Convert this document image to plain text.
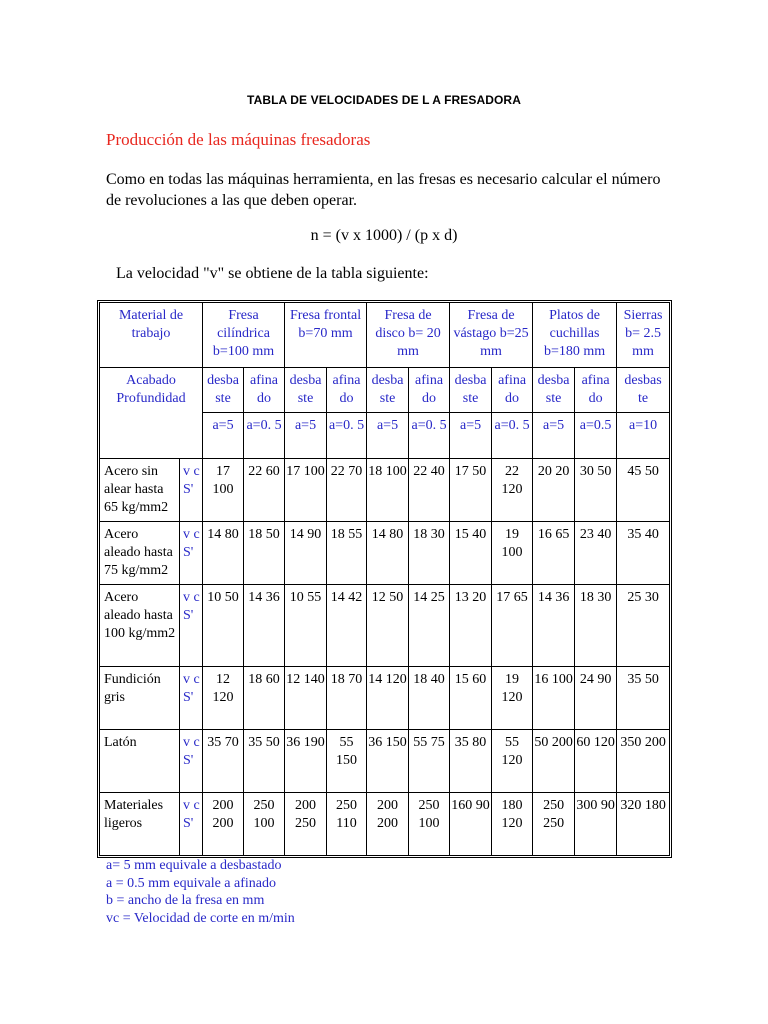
TABLA DE VELOCIDADES DE L A FRESADORA
Producción de las máquinas fresadoras
Como en todas las máquinas herramienta, en las fresas es necesario calcular el número de revoluciones a las que deben operar.
n = (v x 1000) / (p x d)
La velocidad "v" se obtiene de la tabla siguiente:
Material de trabajo		Fresa cilíndrica b=100 mm		Fresa frontal b=70 mm		Fresa de disco b= 20 mm		Fresa de vástago b=25 mm		Platos de cuchillas b=180 mm		Sierras b= 2.5 mm
Acabado Profundidad		desba ste	afina do	desba ste	afina do	desba ste	afina do	desba ste	afina do	desba ste	afina do	desbas te
		a=5	a=0. 5	a=5	a=0. 5	a=5	a=0. 5	a=5	a=0. 5	a=5	a=0.5	a=10
Acero sin alear hasta 65 kg/mm2	v c S'	17 100	22 60	17 100	22 70	18 100	22 40	17 50	22 120	20 20	30 50	45 50
Acero aleado hasta 75 kg/mm2	v c S'	14 80	18 50	14 90	18 55	14 80	18 30	15 40	19 100	16 65	23 40	35 40
Acero aleado hasta 100 kg/mm2	v c S'	10 50	14 36	10 55	14 42	12 50	14 25	13 20	17 65	14 36	18 30	25 30
Fundición gris	v c S'	12 120	18 60	12 140	18 70	14 120	18 40	15 60	19 120	16 100	24 90	35 50
Latón	v c S'	35 70	35 50	36 190	55 150	36 150	55 75	35 80	55 120	50 200	60 120	350 200
Materiales ligeros	v c S'	200 200	250 100	200 250	250 110	200 200	250 100	160 90	180 120	250 250	300 90	320 180
a= 5 mm equivale a desbastado
a = 0.5 mm equivale a afinado
b = ancho de la fresa en mm
vc = Velocidad de corte en m/min
